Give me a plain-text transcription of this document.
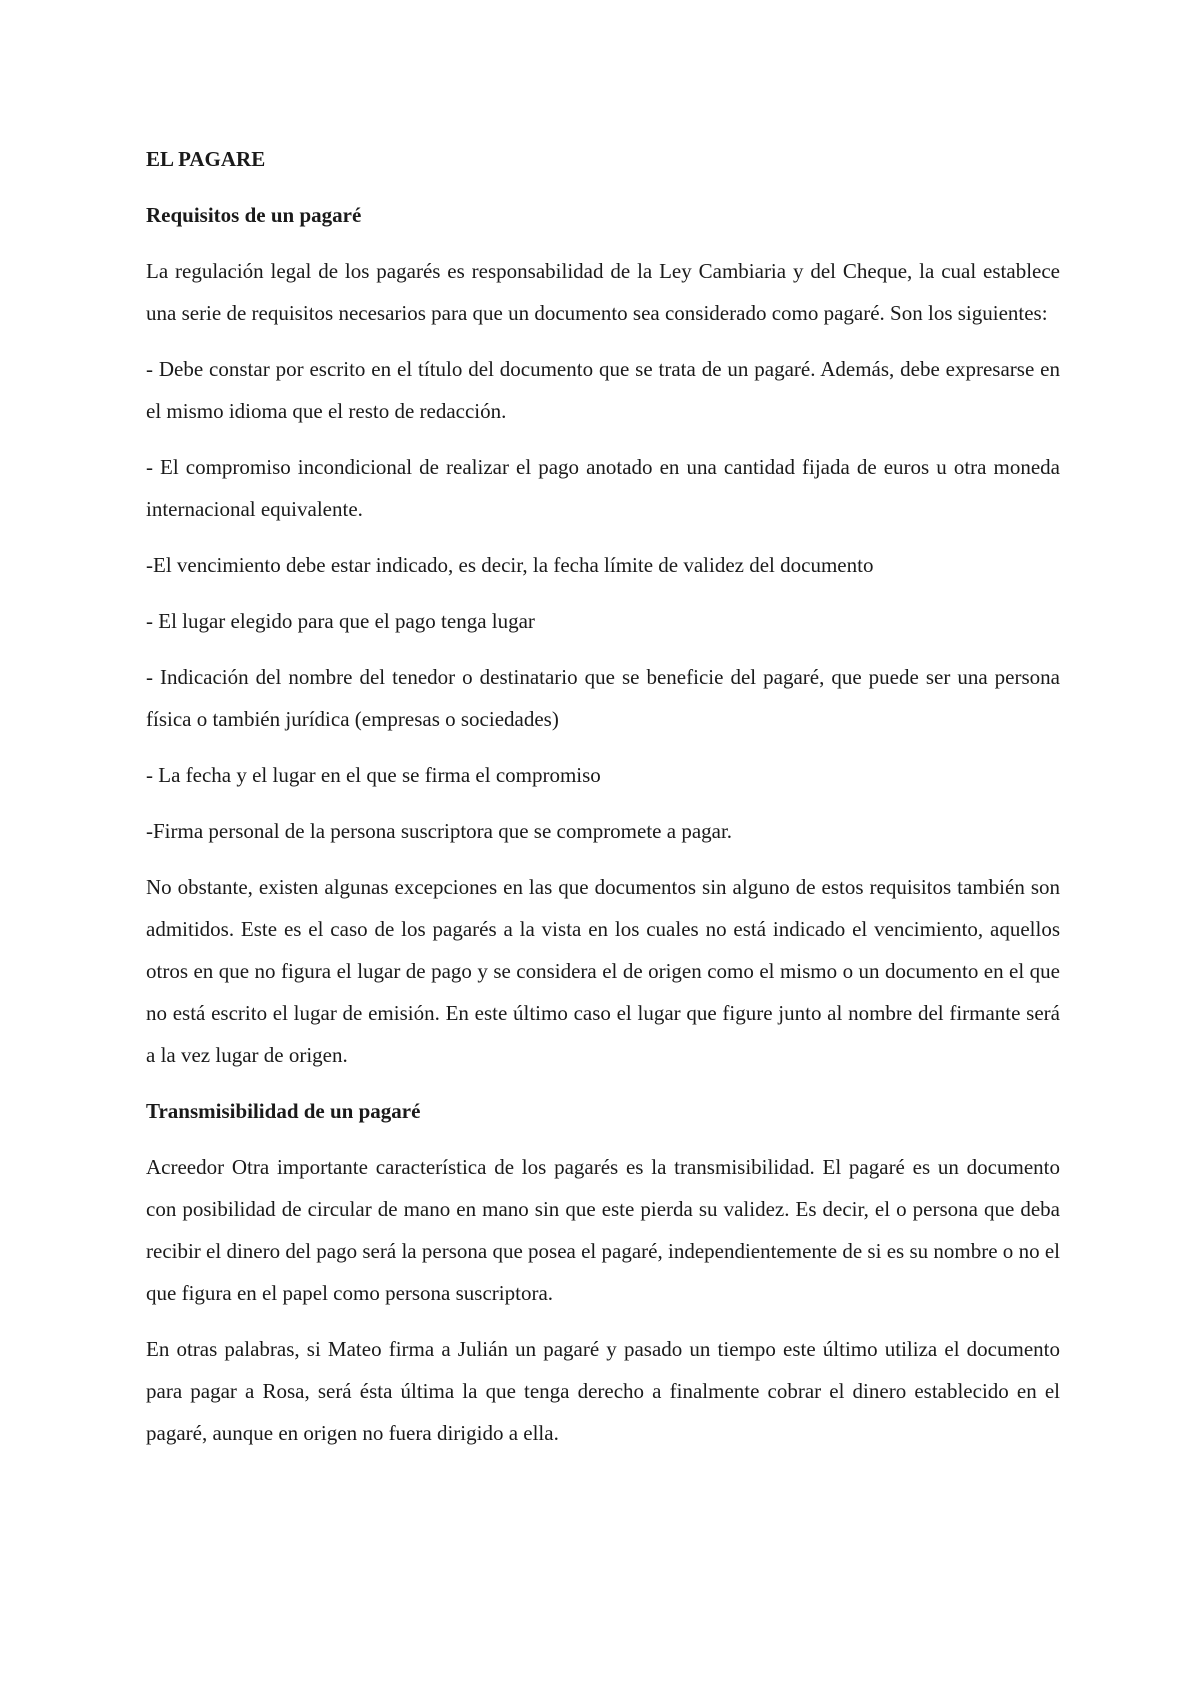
EL PAGARE
Requisitos de un pagaré

La regulación legal de los pagarés es responsabilidad de la Ley Cambiaria y del Cheque, la cual establece una serie de requisitos necesarios para que un documento sea considerado como pagaré. Son los siguientes:

- Debe constar por escrito en el título del documento que se trata de un pagaré. Además, debe expresarse en el mismo idioma que el resto de redacción.

- El compromiso incondicional de realizar el pago anotado en una cantidad fijada de euros u otra moneda internacional equivalente.

-El vencimiento debe estar indicado, es decir, la fecha límite de validez del documento

- El lugar elegido para que el pago tenga lugar

- Indicación del nombre del tenedor o destinatario que se beneficie del pagaré, que puede ser una persona física o también jurídica (empresas o sociedades)

- La fecha y el lugar en el que se firma el compromiso

-Firma personal de la persona suscriptora que se compromete a pagar.

No obstante, existen algunas excepciones en las que documentos sin alguno de estos requisitos también son admitidos. Este es el caso de los pagarés a la vista en los cuales no está indicado el vencimiento, aquellos otros en que no figura el lugar de pago y se considera el de origen como el mismo o un documento en el que no está escrito el lugar de emisión. En este último caso el lugar que figure junto al nombre del firmante será a la vez lugar de origen.

Transmisibilidad de un pagaré

Acreedor Otra importante característica de los pagarés es la transmisibilidad. El pagaré es un documento con posibilidad de circular de mano en mano sin que este pierda su validez. Es decir, el o persona que deba recibir el dinero del pago será la persona que posea el pagaré, independientemente de si es su nombre o no el que figura en el papel como persona suscriptora.

En otras palabras, si Mateo firma a Julián un pagaré y pasado un tiempo este último utiliza el documento para pagar a Rosa, será ésta última la que tenga derecho a finalmente cobrar el dinero establecido en el pagaré, aunque en origen no fuera dirigido a ella.
